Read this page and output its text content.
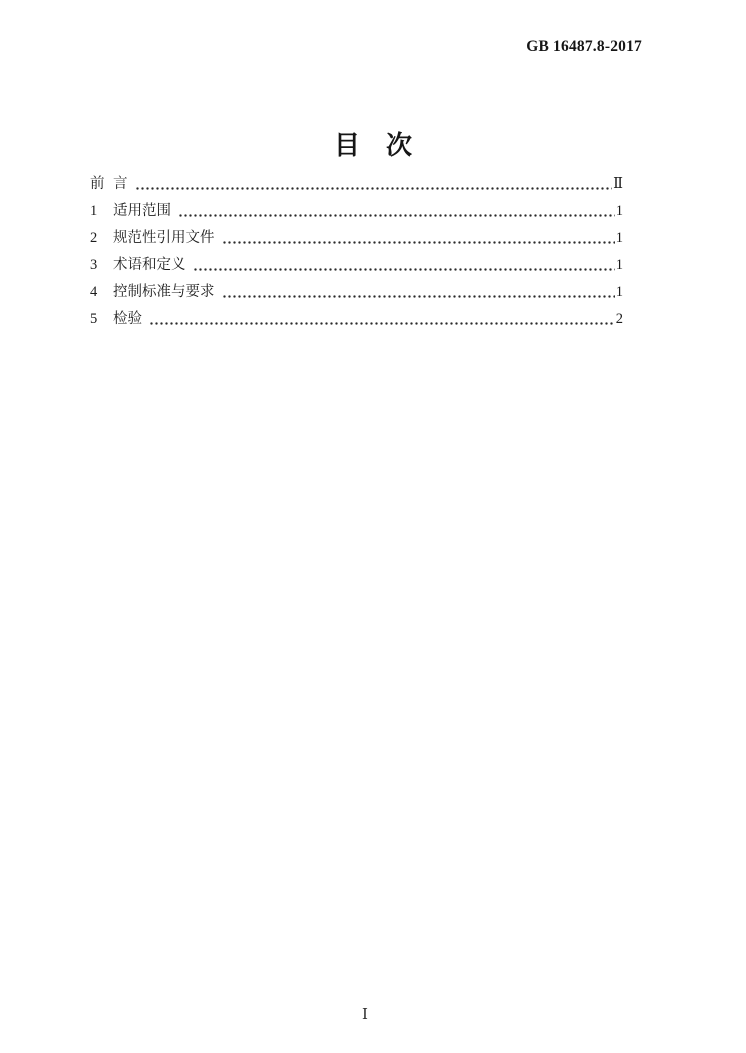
GB 16487.8-2017
目　次
前 言	Ⅱ
1	适用范围	1
2	规范性引用文件	1
3	术语和定义	1
4	控制标准与要求	1
5	检验	2
Ⅰ
